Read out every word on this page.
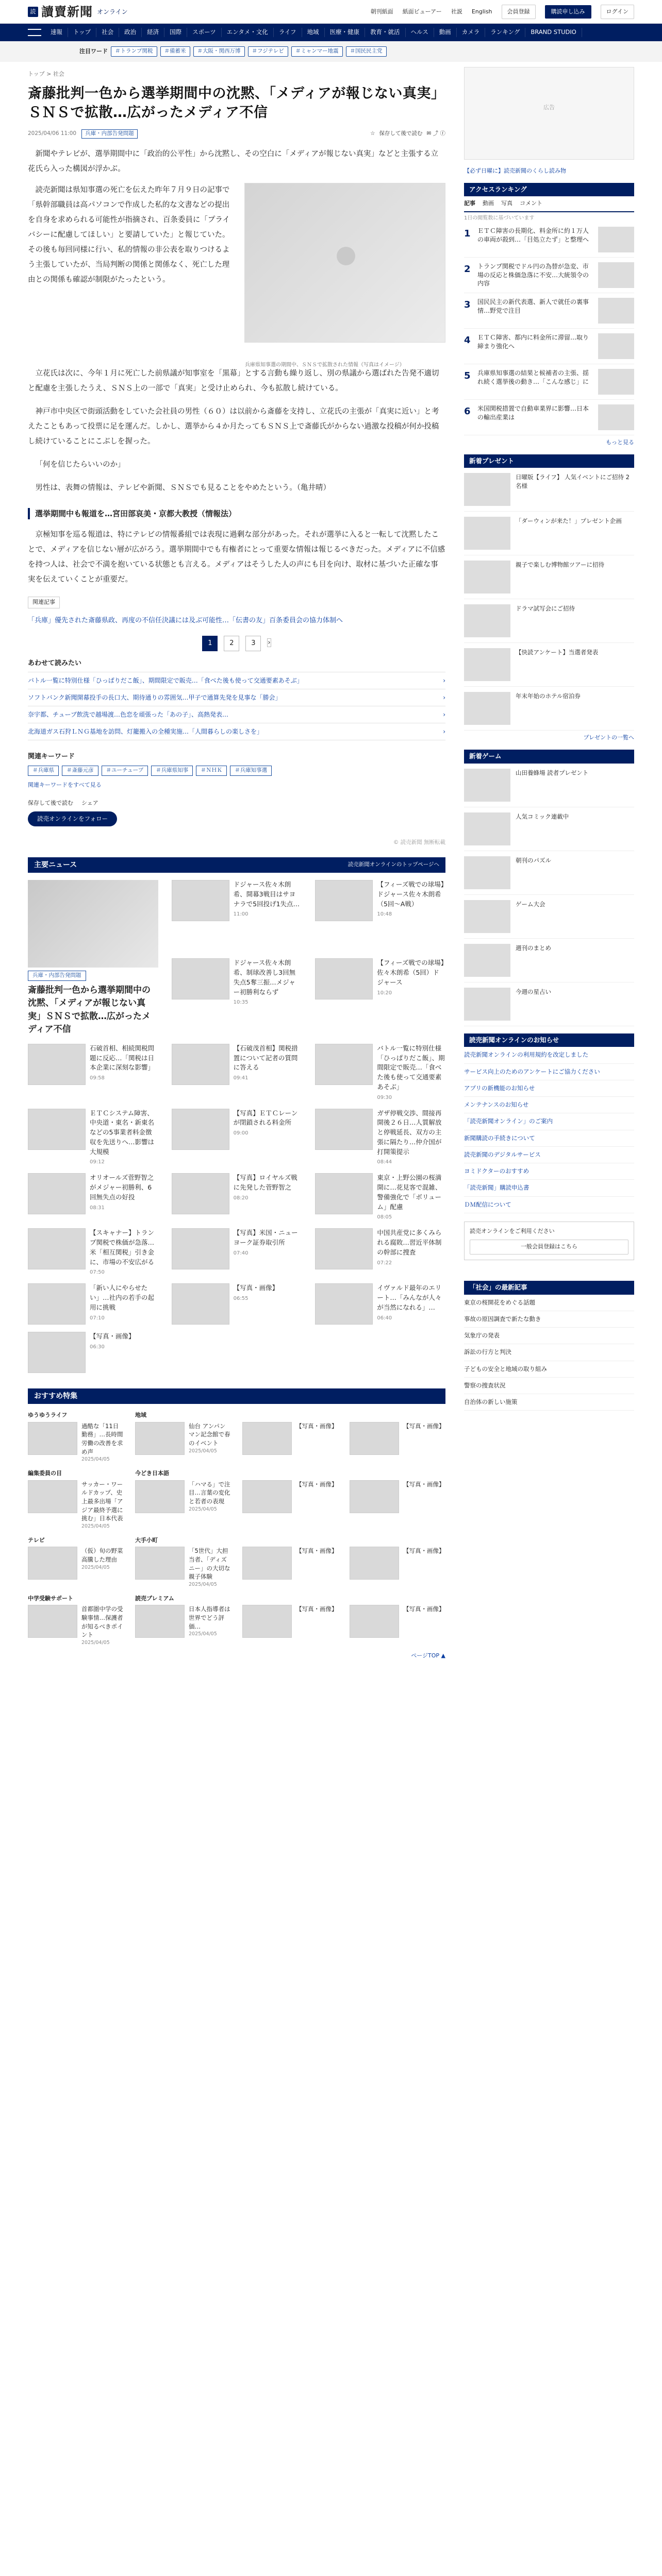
読 讀賣新聞 オンライン	朝刊紙面 紙面ビューアー 社説 English	会員登録	購読申し込み	ログイン
速報	トップ	社会	政治	経済	国際	スポーツ	エンタメ・文化	ライフ	地域	医療・健康	教育・就活	ヘルス	動画	カメラ	ランキング	BRAND STUDIO
注目ワード	＃トランプ関税	＃備蓄米	＃大阪・関西万博	＃フジテレビ	＃ミャンマー地震	＃国民民主党
トップ > 社会
斎藤批判一色から選挙期間中の沈黙、「メディアが報じない真実」ＳＮＳで拡散…広がったメディア不信
2025/04/06 11:00	兵庫・内部告発問題	☆ 保存して後で読む ✉ ⤴ ⓕ

新聞やテレビが、選挙期間中に「政治的公平性」から沈黙し、その空白に「メディアが報じない真実」などと主張する立花氏ら入った構図が浮かぶ。

読売新聞は県知事選の死亡を伝えた昨年７月９日の記事で「県幹部職員は高パソコンで作成した私的な文書などの提出を自身を求められる可能性が指摘され、百条委員に「プライバシーに配慮してほしい」と要請していた」と報じていた。その後も毎回同様に行い、私的情報の非公表を取りつけるよう主張していたが、当局判断の関係と関係なく、死亡した理由との関係も確認が制限がたったという。

兵庫県知事選の期間中、ＳＮＳで拡散された情報（写真はイメージ）

立花氏は次に、今年１月に死亡した前県議が知事室を「黒幕」とする言動も繰り返し、別の県議から選ばれた告発不適切と配慮を主張したうえ、ＳＮＳ上の一部で「真実」と受け止められ、今も拡散し続けている。

神戸市中央区で街頭活動をしていた会社員の男性（６０）は以前から斎藤を支持し、立花氏の主張が「真実に近い」と考えたこともあって投票に足を運んだ。しかし、選挙から４か月たってもＳＮＳ上で斎藤氏がからない過激な投稿が何か投稿し続けていることにこぶしを握った。

「何を信じたらいいのか」

男性は、表舞の情報は、テレビや新聞、ＳＮＳでも見ることをやめたという。（亀井晴）

選挙期間中も報道を…宮田部哀美・京都大教授（情報法）

京極知事を巡る報道は、特にテレビの情報番組では表現に過剰な部分があった。それが選挙に入ると一転して沈黙したことで、メディアを信じない層が広がろう。選挙期間中でも有権者にとって重要な情報は報じるべきだった。メディアに不信感を持つ人は、社会で不満を抱いている状態とも言える。メディアはそうした人の声にも目を向け、取材に基づいた正確な事実を伝えていくことが重要だ。

関連記事
「兵庫」優先された斎藤県政、再度の不信任決議には及ぶ可能性…「伝書の友」百条委員会の協力体制へ
1	2	3	›
あわせて読みたい
バトル一覧に特別仕様「ひっぱりだこ飯」、期間限定で販売…「食べた後も使って交通要素あそぶ」	›
ソフトバンク新聞開幕投手の長口大、期待通りの雰囲気…甲子で通算先発を見事な「勝会」	›
奈宇都、チューブ飲洗で越場渡…色恋を頑張った「あの子」、高熱発表…	›
北海道ガス石狩ＬＮＧ基地を訪問、灯籠搬入の全種実施…「人間暮らしの楽しさを」	›
関連キーワード
＃兵庫県	＃斎藤元彦	＃ユーチューブ	＃兵庫県知事	＃ＮＨＫ	＃兵庫知事選
関連キーワードをすべて見る
保存して後で読む シェア
読売オンラインをフォロー
© 読売新聞 無断転載
主要ニュース	読売新聞オンラインのトップページへ
兵庫・内部告発問題
斎藤批判一色から選挙期間中の沈黙、「メディアが報じない真実」ＳＮＳで拡散…広がったメディア不信
ドジャース佐々木朗希、開幕3戦目はサヨナラで5回投げ1失点…
11:00
【フィーズ戦での球場】ドジャース佐々木朗希（5回～A戦）
10:48
ドジャース佐々木朗希、制球改善し3回無失点5奪三振…メジャー初勝利ならず
10:35
【フィーズ戦での球場】佐々木朗希（5回）ドジャース
10:20
石破首相、相続関税問題に反応…「関税は日本企業に深刻な影響」
09:58
【石破茂首相】関税措置について記者の質問に答える
09:41
バトル一覧に特別仕様「ひっぱりだこ飯」、期間限定で販売…「食べた後も使って交通要素あそぶ」
09:30
ＥＴＣシステム障害、中央道・東名・新東名などの5事業者料金徴収を先送りへ…影響は大規模
09:12
【写真】ＥＴＣレーンが閉鎖される料金所
09:00
ガザ停戦交渉、間接再開後２６日…人質解放と停戦延長、双方の主張に隔たり…仲介国が打開策提示
08:44
オリオールズ菅野智之がメジャー初勝利、6回無失点の好投
08:31
【写真】ロイヤルズ戦に先発した菅野智之
08:20
東京・上野公園の桜満開に…花見客で混雑、警備強化で「ボリューム」配慮
08:05
【スキャナー】トランプ関税で株価が急落…米「相互関税」引き金に、市場の不安広がる
07:50
【写真】米国・ニューヨーク証券取引所
07:40
中国共産党に多くみられる腐敗…習近平体制の幹部に捜査
07:22
「新い人にやらせたい」…社内の若手の起用に挑戦
07:10
【写真・画像】
06:55
イヴァルド最年のエリート…「みんなが人々が当然になれる」…
06:40
【写真・画像】
06:30
おすすめ特集
ゆうゆうライフ
過酷な「11日勤務」…長時間労働の改善を求め声
2025/04/05
地域
仙台 アンパンマン記念館で春のイベント
2025/04/05

【写真・画像】
	【写真・画像】
編集委員の目
サッカー・ワールドカップ、史上最多出場「アジア最終予選に挑む」日本代表
2025/04/05
今どき日本語
「ハマる」で注目…言葉の変化と若者の表現
2025/04/05

【写真・画像】
	【写真・画像】
テレビ
（仮）旬の野菜 高騰した理由
2025/04/05
大手小町
「5世代」大担当者、「ディズニー」の大切な親子体験
2025/04/05

【写真・画像】
	【写真・画像】
中学受験サポート
首都圏中学の受験事情…保護者が知るべきポイント
2025/04/05
読売プレミアム
日本人指導者は世界でどう評価…
2025/04/05

【写真・画像】
	【写真・画像】
ページTOP ▲
広告
【必ず日曜に】読売新聞のくらし読み物
アクセスランキング
記事 動画 写真 コメント
1日の閲覧数に基づいています
1 ＥＴＣ障害の長期化、料金所に約１万人の車両が殺到…「目処立たず」と整理へ
2 トランプ関税でドル円の為替が急変、市場の反応と株価急落に不安…大統領令の内容
3 国民民主の新代表選、新人で就任の裏事情…野党で注目
4 ＥＴＣ障害、都内に料金所に滞留…取り締まり強化へ
5 兵庫県知事選の結果と候補者の主張、揺れ続く選挙後の動き…「こんな感じ」に
6 米国関税措置で自動車業界に影響…日本の輸出産業は
もっと見る
新着プレゼント
日曜版【ライフ】 人気イベントにご招待 2名様
「ダーウィンが来た！」プレゼント企画
親子で楽しむ博物館ツアーに招待
ドラマ試写会にご招待
【快読アンケート】当選者発表
年末年始のホテル宿泊券
プレゼントの一覧へ
新着ゲーム
山田養蜂場 読者プレゼント
人気コミック連載中
朝刊のパズル
ゲーム大会
週刊のまとめ
今週の星占い
読売新聞オンラインのお知らせ
読売新聞オンラインの利用規約を改定しました
サービス向上のためのアンケートにご協力ください
アプリの新機能のお知らせ
メンテナンスのお知らせ
「読売新聞オンライン」のご案内
新聞購読の手続きについて
読売新聞のデジタルサービス
ヨミドクターのおすすめ
「読売新聞」購読申込書
ＤＭ配信について
読売オンラインをご利用ください
一般会員登録はこちら
「社会」の最新記事
東京の桜開花をめぐる話題
事故の原因調査で新たな動き
気象庁の発表
訴訟の行方と判決
子どもの安全と地域の取り組み
警察の捜査状況
自治体の新しい施策
